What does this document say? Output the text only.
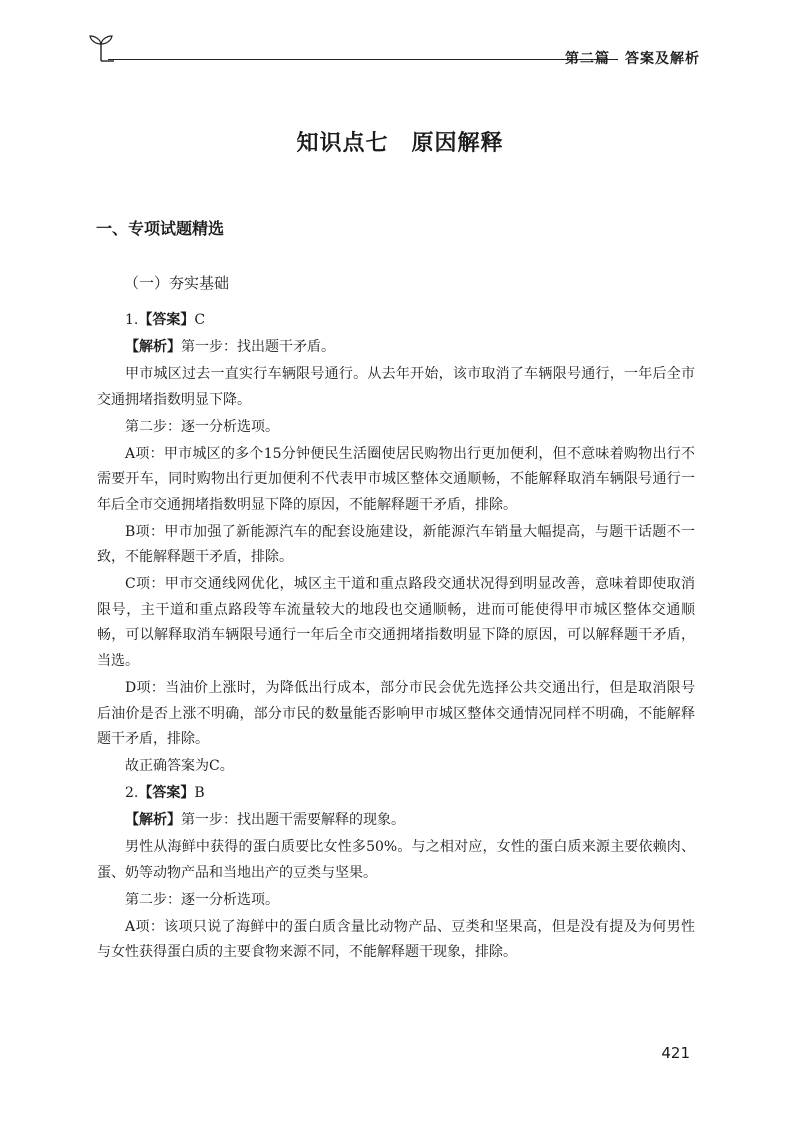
第二篇　答案及解析
知识点七　原因解释
一、专项试题精选
（一）夯实基础

1.【答案】C

【解析】第一步：找出题干矛盾。

甲市城区过去一直实行车辆限号通行。从去年开始，该市取消了车辆限号通行，一年后全市交通拥堵指数明显下降。

第二步：逐一分析选项。

A项：甲市城区的多个15分钟便民生活圈使居民购物出行更加便利，但不意味着购物出行不需要开车，同时购物出行更加便利不代表甲市城区整体交通顺畅，不能解释取消车辆限号通行一年后全市交通拥堵指数明显下降的原因，不能解释题干矛盾，排除。

B项：甲市加强了新能源汽车的配套设施建设，新能源汽车销量大幅提高，与题干话题不一致，不能解释题干矛盾，排除。

C项：甲市交通线网优化，城区主干道和重点路段交通状况得到明显改善，意味着即使取消限号，主干道和重点路段等车流量较大的地段也交通顺畅，进而可能使得甲市城区整体交通顺畅，可以解释取消车辆限号通行一年后全市交通拥堵指数明显下降的原因，可以解释题干矛盾，当选。

D项：当油价上涨时，为降低出行成本，部分市民会优先选择公共交通出行，但是取消限号后油价是否上涨不明确，部分市民的数量能否影响甲市城区整体交通情况同样不明确，不能解释题干矛盾，排除。

故正确答案为C。

2.【答案】B

【解析】第一步：找出题干需要解释的现象。

男性从海鲜中获得的蛋白质要比女性多50%。与之相对应，女性的蛋白质来源主要依赖肉、蛋、奶等动物产品和当地出产的豆类与坚果。

第二步：逐一分析选项。

A项：该项只说了海鲜中的蛋白质含量比动物产品、豆类和坚果高，但是没有提及为何男性与女性获得蛋白质的主要食物来源不同，不能解释题干现象，排除。

421
